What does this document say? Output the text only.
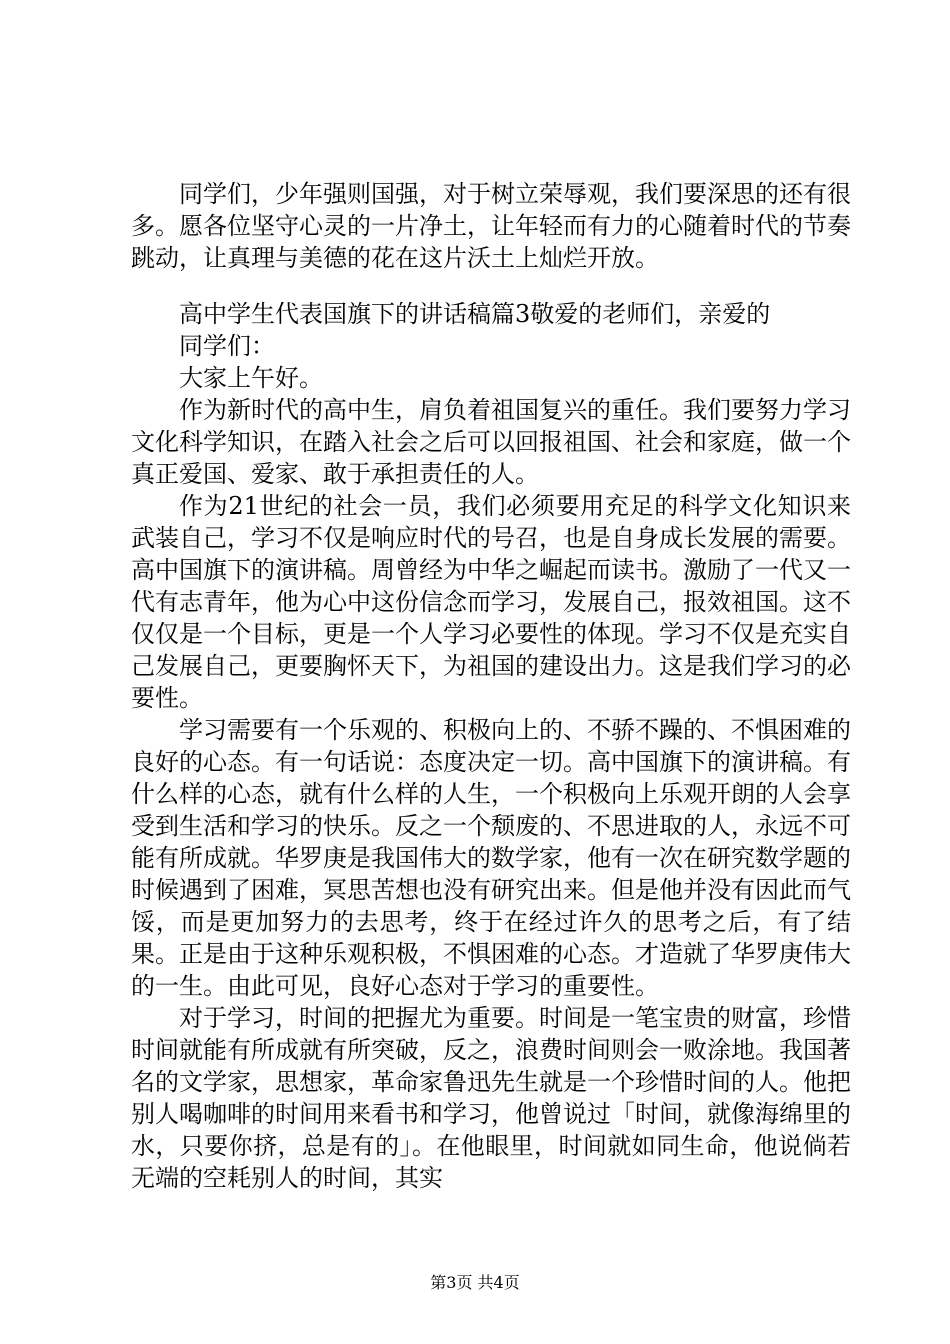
同学们，少年强则国强，对于树立荣辱观，我们要深思的还有很多。愿各位坚守心灵的一片净土，让年轻而有力的心随着时代的节奏跳动，让真理与美德的花在这片沃土上灿烂开放。

高中学生代表国旗下的讲话稿篇3敬爱的老师们，亲爱的

同学们：

大家上午好。

作为新时代的高中生，肩负着祖国复兴的重任。我们要努力学习文化科学知识，在踏入社会之后可以回报祖国、社会和家庭，做一个真正爱国、爱家、敢于承担责任的人。

作为21世纪的社会一员，我们必须要用充足的科学文化知识来武装自己，学习不仅是响应时代的号召，也是自身成长发展的需要。高中国旗下的演讲稿。周曾经为中华之崛起而读书。激励了一代又一代有志青年，他为心中这份信念而学习，发展自己，报效祖国。这不仅仅是一个目标，更是一个人学习必要性的体现。学习不仅是充实自己发展自己，更要胸怀天下，为祖国的建设出力。这是我们学习的必要性。

学习需要有一个乐观的、积极向上的、不骄不躁的、不惧困难的良好的心态。有一句话说：态度决定一切。高中国旗下的演讲稿。有什么样的心态，就有什么样的人生，一个积极向上乐观开朗的人会享受到生活和学习的快乐。反之一个颓废的、不思进取的人，永远不可能有所成就。华罗庚是我国伟大的数学家，他有一次在研究数学题的时候遇到了困难，冥思苦想也没有研究出来。但是他并没有因此而气馁，而是更加努力的去思考，终于在经过许久的思考之后，有了结果。正是由于这种乐观积极，不惧困难的心态。才造就了华罗庚伟大的一生。由此可见，良好心态对于学习的重要性。

对于学习，时间的把握尤为重要。时间是一笔宝贵的财富，珍惜时间就能有所成就有所突破，反之，浪费时间则会一败涂地。我国著名的文学家，思想家，革命家鲁迅先生就是一个珍惜时间的人。他把别人喝咖啡的时间用来看书和学习，他曾说过「时间，就像海绵里的水，只要你挤，总是有的」。在他眼里，时间就如同生命，他说倘若无端的空耗别人的时间，其实

第3页 共4页
